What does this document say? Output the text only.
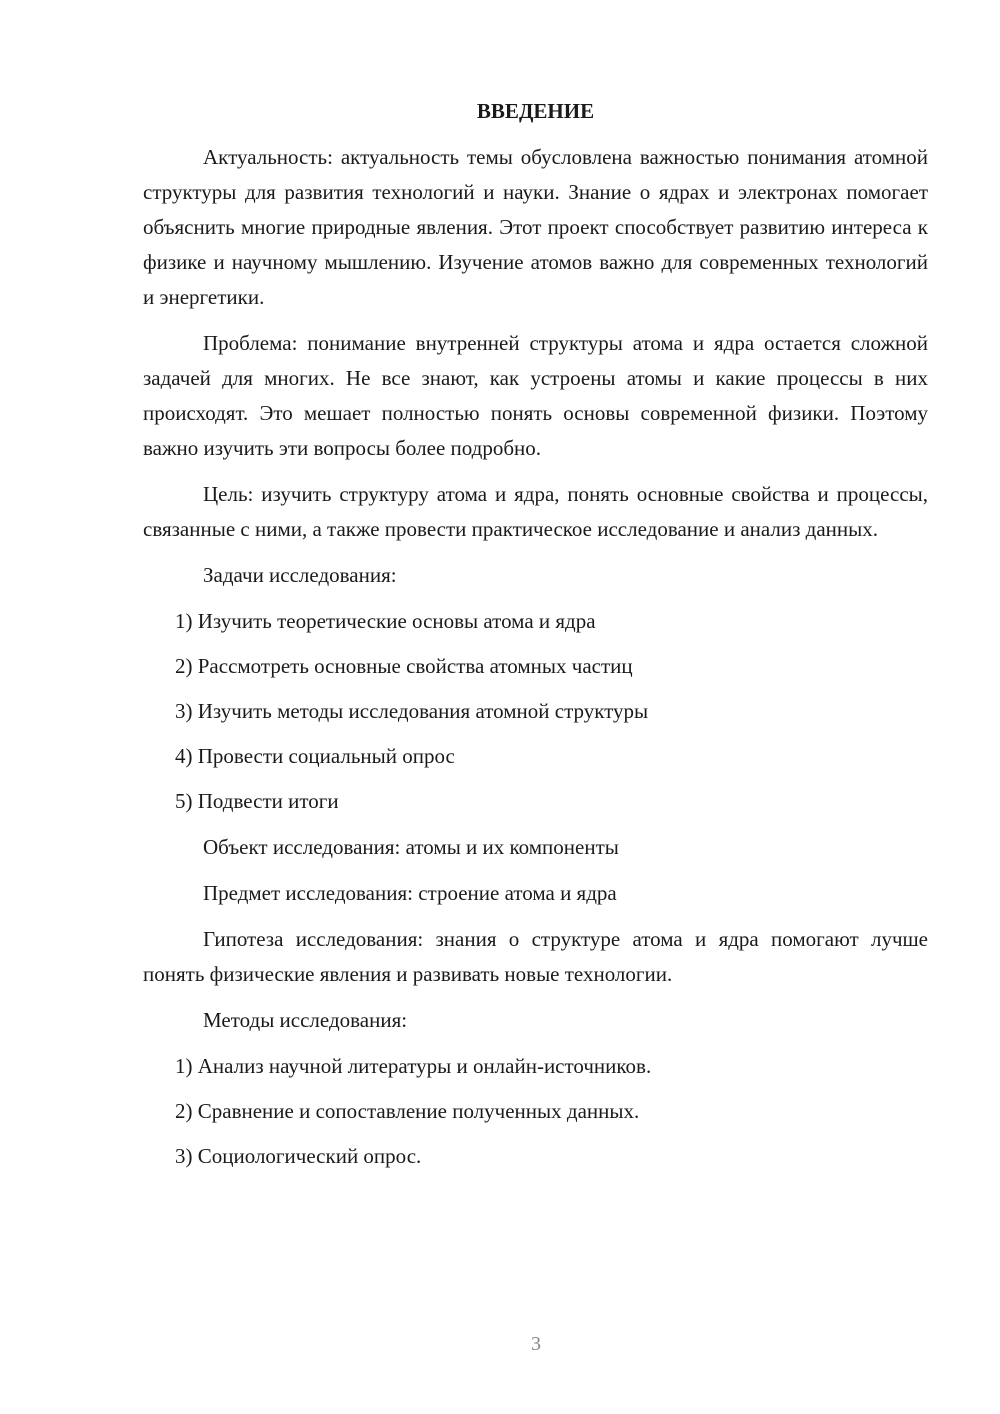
ВВЕДЕНИЕ

Актуальность: актуальность темы обусловлена важностью понимания атомной структуры для развития технологий и науки. Знание о ядрах и электронах помогает объяснить многие природные явления. Этот проект способствует развитию интереса к физике и научному мышлению. Изучение атомов важно для современных технологий и энергетики.

Проблема: понимание внутренней структуры атома и ядра остается сложной задачей для многих. Не все знают, как устроены атомы и какие процессы в них происходят. Это мешает полностью понять основы современной физики. Поэтому важно изучить эти вопросы более подробно.

Цель: изучить структуру атома и ядра, понять основные свойства и процессы, связанные с ними, а также провести практическое исследование и анализ данных.

Задачи исследования:
1) Изучить теоретические основы атома и ядра
2) Рассмотреть основные свойства атомных частиц
3) Изучить методы исследования атомной структуры
4) Провести социальный опрос
5) Подвести итоги
Объект исследования: атомы и их компоненты
Предмет исследования: строение атома и ядра

Гипотеза исследования: знания о структуре атома и ядра помогают лучше понять физические явления и развивать новые технологии.

Методы исследования:
1) Анализ научной литературы и онлайн-источников.
2) Сравнение и сопоставление полученных данных.
3) Социологический опрос.
3
